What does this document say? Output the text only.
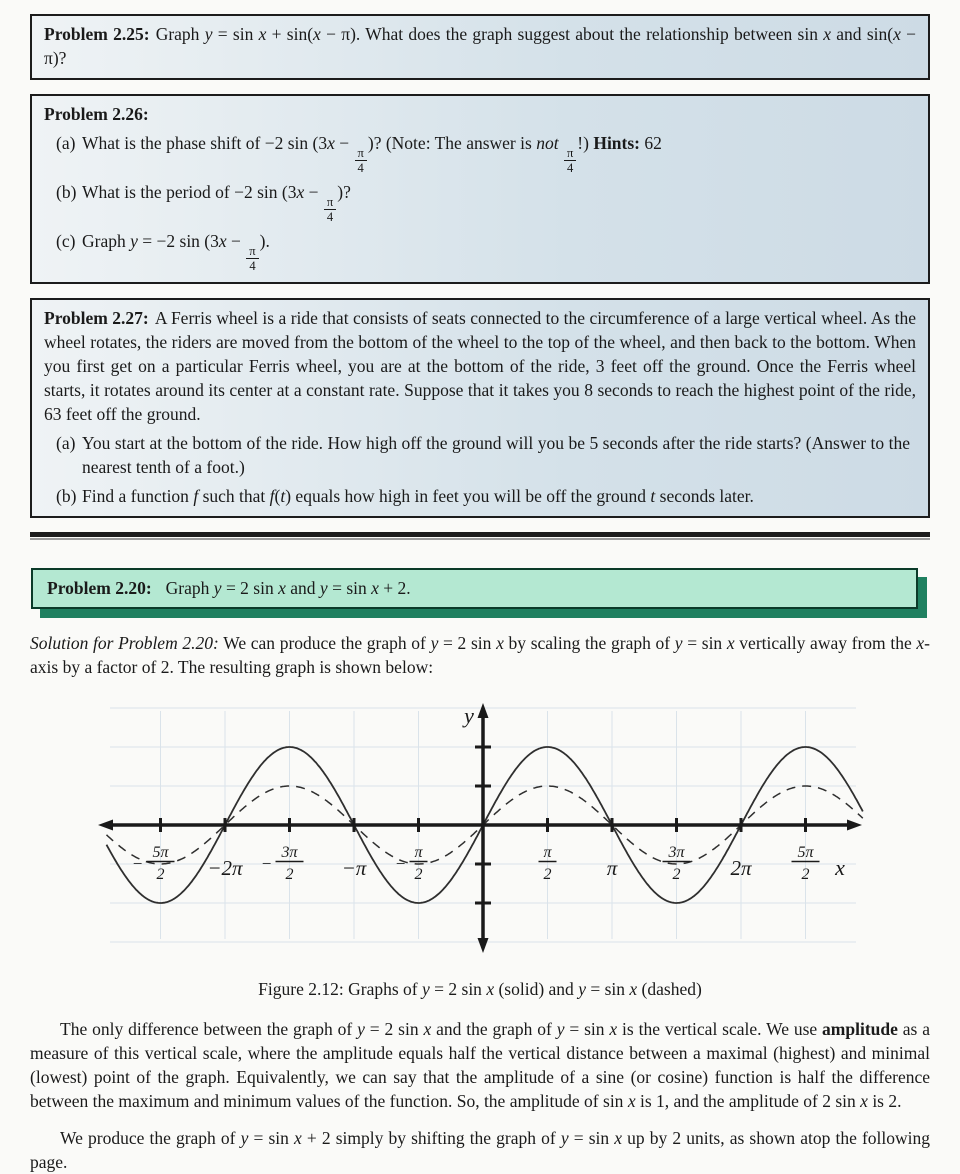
Problem 2.25: Graph y = sin x + sin(x − π). What does the graph suggest about the relationship between sin x and sin(x − π)?

Problem 2.26:

(a) What is the phase shift of −2 sin (3x −
$\frac{\pi}{4}$
)? (Note: The answer is not
$\frac{\pi}{4}$
!) Hints: 62
(b) What is the period of −2 sin (3x −
$\frac{\pi}{4}$
)?
(c) Graph y = −2 sin (3x −
$\frac{\pi}{4}$
).

Problem 2.27: A Ferris wheel is a ride that consists of seats connected to the circumference of a large vertical wheel. As the wheel rotates, the riders are moved from the bottom of the wheel to the top of the wheel, and then back to the bottom. When you first get on a particular Ferris wheel, you are at the bottom of the ride, 3 feet off the ground. Once the Ferris wheel starts, it rotates around its center at a constant rate. Suppose that it takes you 8 seconds to reach the highest point of the ride, 63 feet off the ground.

(a) You start at the bottom of the ride. How high off the ground will you be 5 seconds after the ride starts? (Answer to the nearest tenth of a foot.)
(b) Find a function f such that f(t) equals how high in feet you will be off the ground t seconds later.

Problem 2.20: Graph y = 2 sin x and y = sin x + 2.

Solution for Problem 2.20: We can produce the graph of y = 2 sin x by scaling the graph of y = sin x vertically away from the x-axis by a factor of 2. The resulting graph is shown below:

5π
2
−	−2π
3π
2
−	−π
π
2
−
π
2	π
3π
2 2π
5π
2
y
x

Figure 2.12: Graphs of y = 2 sin x (solid) and y = sin x (dashed)

The only difference between the graph of y = 2 sin x and the graph of y = sin x is the vertical scale. We use amplitude as a measure of this vertical scale, where the amplitude equals half the vertical distance between a maximal (highest) and minimal (lowest) point of the graph. Equivalently, we can say that the amplitude of a sine (or cosine) function is half the difference between the maximum and minimum values of the function. So, the amplitude of sin x is 1, and the amplitude of 2 sin x is 2.

We produce the graph of y = sin x + 2 simply by shifting the graph of y = sin x up by 2 units, as shown atop the following page.
